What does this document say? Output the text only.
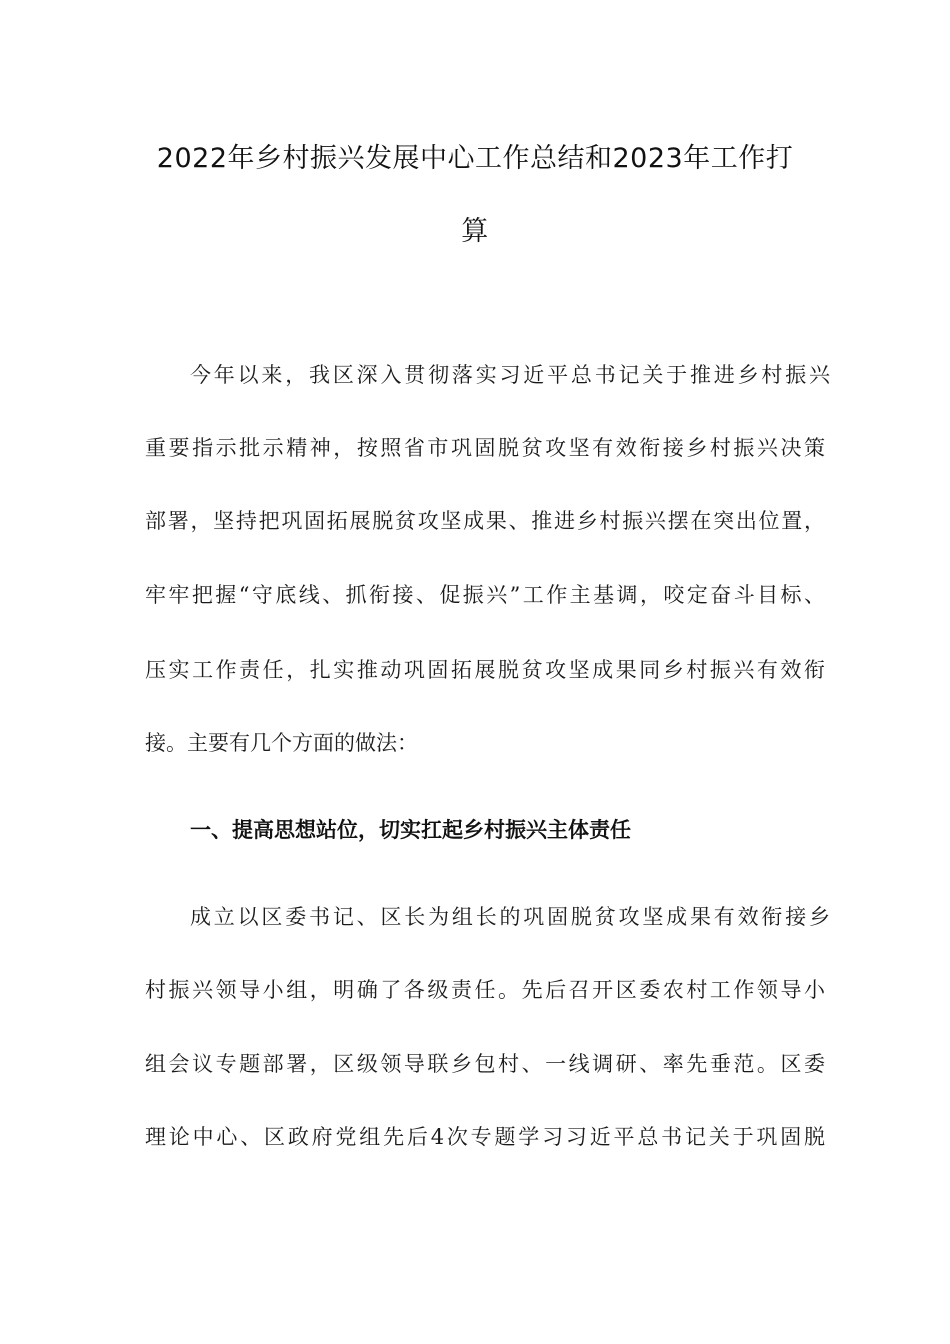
2022年乡村振兴发展中心工作总结和2023年工作打
算

今年以来，我区深入贯彻落实习近平总书记关于推进乡村振兴

重要指示批示精神，按照省市巩固脱贫攻坚有效衔接乡村振兴决策

部署，坚持把巩固拓展脱贫攻坚成果、推进乡村振兴摆在突出位置，

牢牢把握“守底线、抓衔接、促振兴”工作主基调，咬定奋斗目标、

压实工作责任，扎实推动巩固拓展脱贫攻坚成果同乡村振兴有效衔

接。主要有几个方面的做法：

一、提高思想站位，切实扛起乡村振兴主体责任

成立以区委书记、区长为组长的巩固脱贫攻坚成果有效衔接乡

村振兴领导小组，明确了各级责任。先后召开区委农村工作领导小

组会议专题部署，区级领导联乡包村、一线调研、率先垂范。区委

理论中心、区政府党组先后4次专题学习习近平总书记关于巩固脱
